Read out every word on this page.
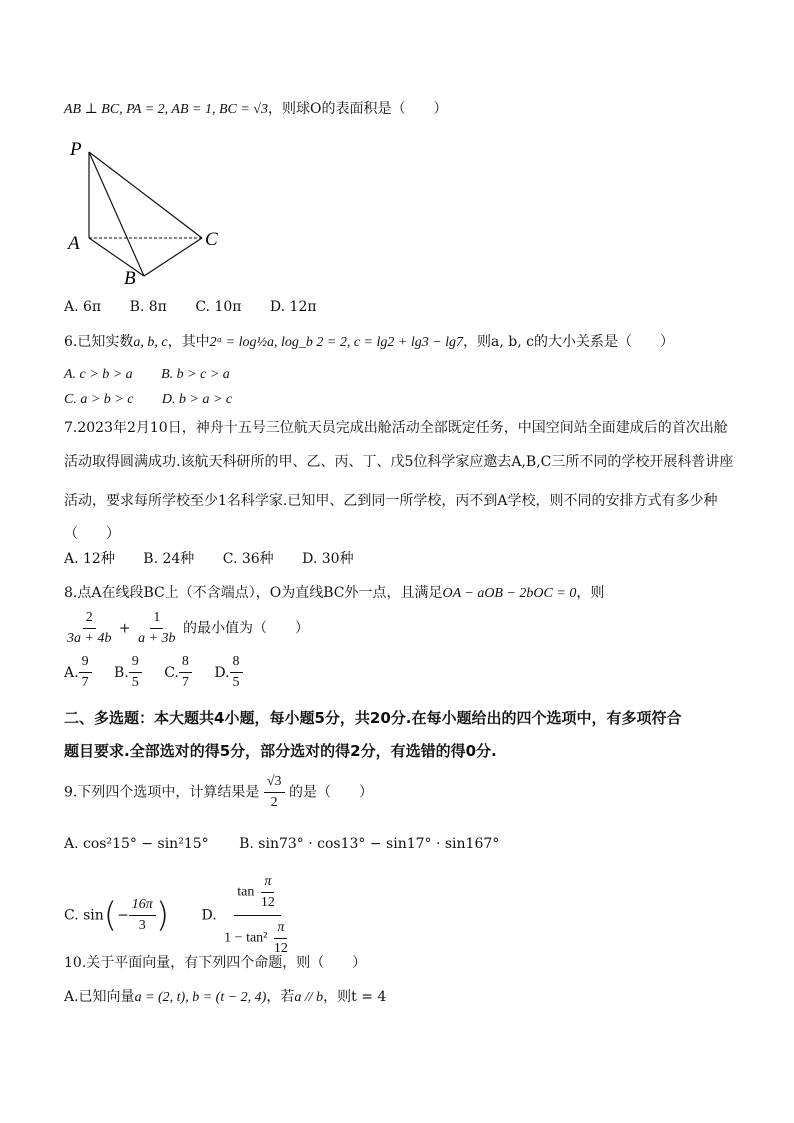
AB ⊥ BC, PA = 2, AB = 1, BC = √3，则球O的表面积是（　　）
P
A
B
C
A. 6π B. 8π C. 10π D. 12π
6.已知实数a, b, c，其中2ᵃ = log½a, log_b 2 = 2, c = lg2 + lg3 − lg7，则a, b, c的大小关系是（　　）
A. c > b > a B. b > c > a
C. a > b > c D. b > a > c
7.2023年2月10日，神舟十五号三位航天员完成出舱活动全部既定任务，中国空间站全面建成后的首次出舱
活动取得圆满成功.该航天科研所的甲、乙、丙、丁、戊5位科学家应邀去A,B,C三所不同的学校开展科普讲座
活动，要求每所学校至少1名科学家.已知甲、乙到同一所学校，丙不到A学校，则不同的安排方式有多少种
（　　）
A. 12种 B. 24种 C. 36种 D. 30种
8.点A在线段BC上（不含端点），O为直线BC外一点，且满足OA − aOB − 2bOC = 0，则
$\frac{2}{3a + 4b} + \frac{1}{a + 3b}$ 的最小值为（　　）
A. $\frac{9}{7} B$. $\frac{9}{5} C$. $\frac{8}{7} D$. $\frac{8}{5}$
二、多选题：本大题共4小题，每小题5分，共20分.在每小题给出的四个选项中，有多项符合
题目要求.全部选对的得5分，部分选对的得2分，有选错的得0分.
9.下列四个选项中，计算结果是 $\frac{√3}{2}$ 的是（　　）
A. cos²15° − sin²15° B. sin73° · cos13° − sin17° · sin167°
C. $\sin(- \frac{16\pi}{3}$ ) D. $\frac{\tan \frac{\pi}{12}}{1 - \tan^2 \frac{\pi}{12}}$
10.关于平面向量，有下列四个命题，则（　　）
A.已知向量a = (2, t), b = (t − 2, 4)，若a // b，则t = 4
